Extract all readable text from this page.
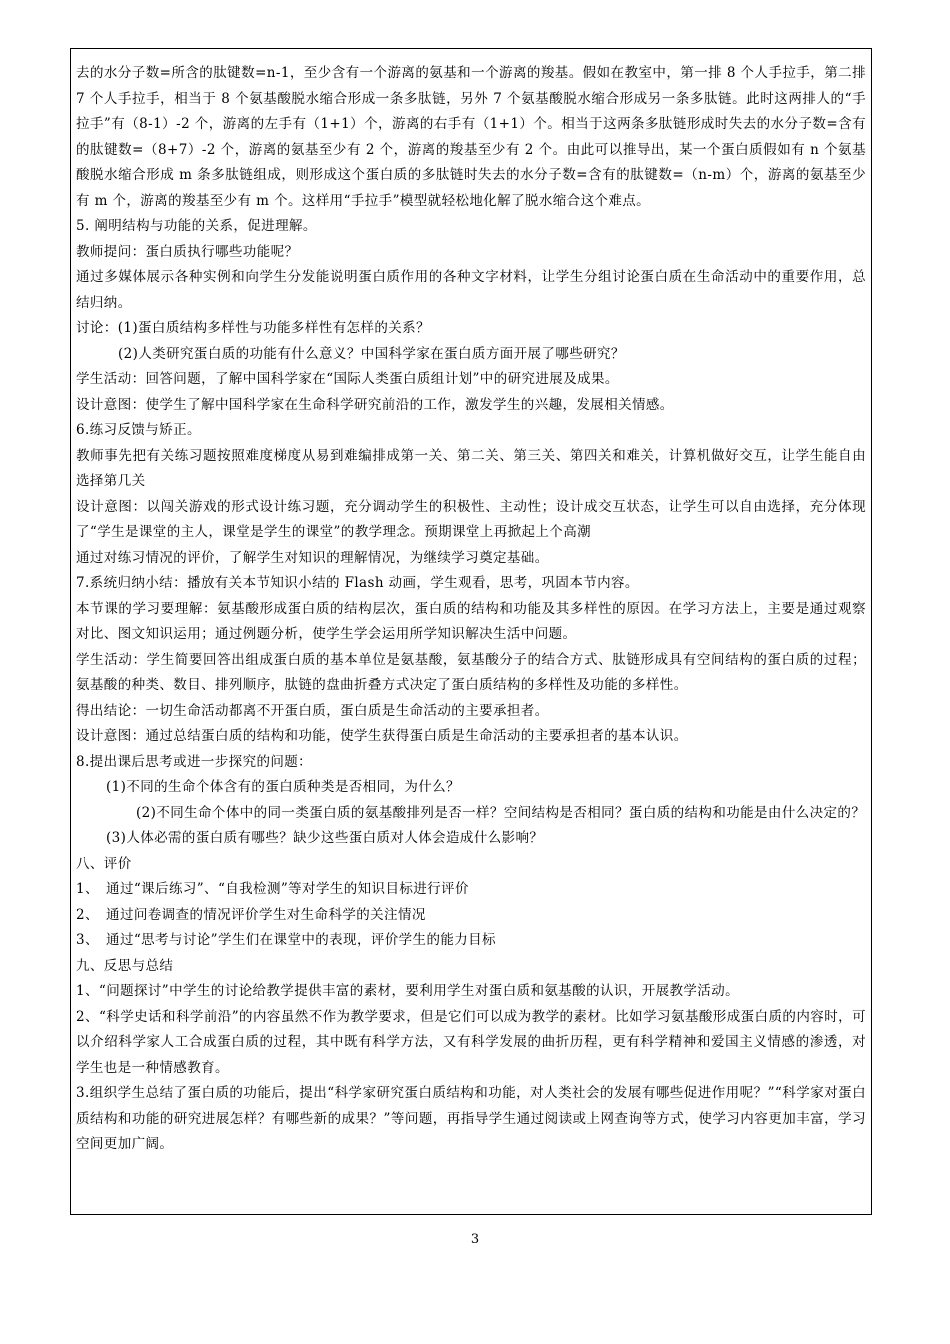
去的水分子数=所含的肽键数=n-1，至少含有一个游离的氨基和一个游离的羧基。假如在教室中，第一排 8 个人手拉手，第二排 7 个人手拉手，相当于 8 个氨基酸脱水缩合形成一条多肽链，另外 7 个氨基酸脱水缩合形成另一条多肽链。此时这两排人的“手拉手”有（8-1）-2 个，游离的左手有（1+1）个，游离的右手有（1+1）个。相当于这两条多肽链形成时失去的水分子数=含有的肽键数=（8+7）-2 个，游离的氨基至少有 2 个，游离的羧基至少有 2 个。由此可以推导出，某一个蛋白质假如有 n 个氨基酸脱水缩合形成 m 条多肽链组成，则形成这个蛋白质的多肽链时失去的水分子数=含有的肽键数=（n-m）个，游离的氨基至少有 m 个，游离的羧基至少有 m 个。这样用“手拉手”模型就轻松地化解了脱水缩合这个难点。

5. 阐明结构与功能的关系，促进理解。

教师提问：蛋白质执行哪些功能呢？

通过多媒体展示各种实例和向学生分发能说明蛋白质作用的各种文字材料，让学生分组讨论蛋白质在生命活动中的重要作用，总结归纳。

讨论：(1)蛋白质结构多样性与功能多样性有怎样的关系？

(2)人类研究蛋白质的功能有什么意义？中国科学家在蛋白质方面开展了哪些研究？

学生活动：回答问题，了解中国科学家在“国际人类蛋白质组计划”中的研究进展及成果。

设计意图：使学生了解中国科学家在生命科学研究前沿的工作，激发学生的兴趣，发展相关情感。

6.练习反馈与矫正。

教师事先把有关练习题按照难度梯度从易到难编排成第一关、第二关、第三关、第四关和难关，计算机做好交互，让学生能自由选择第几关

设计意图：以闯关游戏的形式设计练习题，充分调动学生的积极性、主动性；设计成交互状态，让学生可以自由选择，充分体现了“学生是课堂的主人，课堂是学生的课堂”的教学理念。预期课堂上再掀起上个高潮

通过对练习情况的评价，了解学生对知识的理解情况，为继续学习奠定基础。

7.系统归纳小结：播放有关本节知识小结的 Flash 动画，学生观看，思考，巩固本节内容。

本节课的学习要理解：氨基酸形成蛋白质的结构层次，蛋白质的结构和功能及其多样性的原因。在学习方法上，主要是通过观察对比、图文知识运用；通过例题分析，使学生学会运用所学知识解决生活中问题。

学生活动：学生简要回答出组成蛋白质的基本单位是氨基酸，氨基酸分子的结合方式、肽链形成具有空间结构的蛋白质的过程；氨基酸的种类、数目、排列顺序，肽链的盘曲折叠方式决定了蛋白质结构的多样性及功能的多样性。

得出结论：一切生命活动都离不开蛋白质，蛋白质是生命活动的主要承担者。

设计意图：通过总结蛋白质的结构和功能，使学生获得蛋白质是生命活动的主要承担者的基本认识。

8.提出课后思考或进一步探究的问题：

(1)不同的生命个体含有的蛋白质种类是否相同，为什么？

(2)不同生命个体中的同一类蛋白质的氨基酸排列是否一样？空间结构是否相同？蛋白质的结构和功能是由什么决定的？

(3)人体必需的蛋白质有哪些？缺少这些蛋白质对人体会造成什么影响？

八、评价

1、　通过“课后练习”、“自我检测”等对学生的知识目标进行评价

2、　通过问卷调查的情况评价学生对生命科学的关注情况

3、　通过“思考与讨论”学生们在课堂中的表现，评价学生的能力目标

九、反思与总结

1、“问题探讨”中学生的讨论给教学提供丰富的素材，要利用学生对蛋白质和氨基酸的认识，开展教学活动。

2、“科学史话和科学前沿”的内容虽然不作为教学要求，但是它们可以成为教学的素材。比如学习氨基酸形成蛋白质的内容时，可以介绍科学家人工合成蛋白质的过程，其中既有科学方法，又有科学发展的曲折历程，更有科学精神和爱国主义情感的渗透，对学生也是一种情感教育。

3.组织学生总结了蛋白质的功能后，提出“科学家研究蛋白质结构和功能，对人类社会的发展有哪些促进作用呢？”“科学家对蛋白质结构和功能的研究进展怎样？有哪些新的成果？”等问题，再指导学生通过阅读或上网查询等方式，使学习内容更加丰富，学习空间更加广阔。

3
